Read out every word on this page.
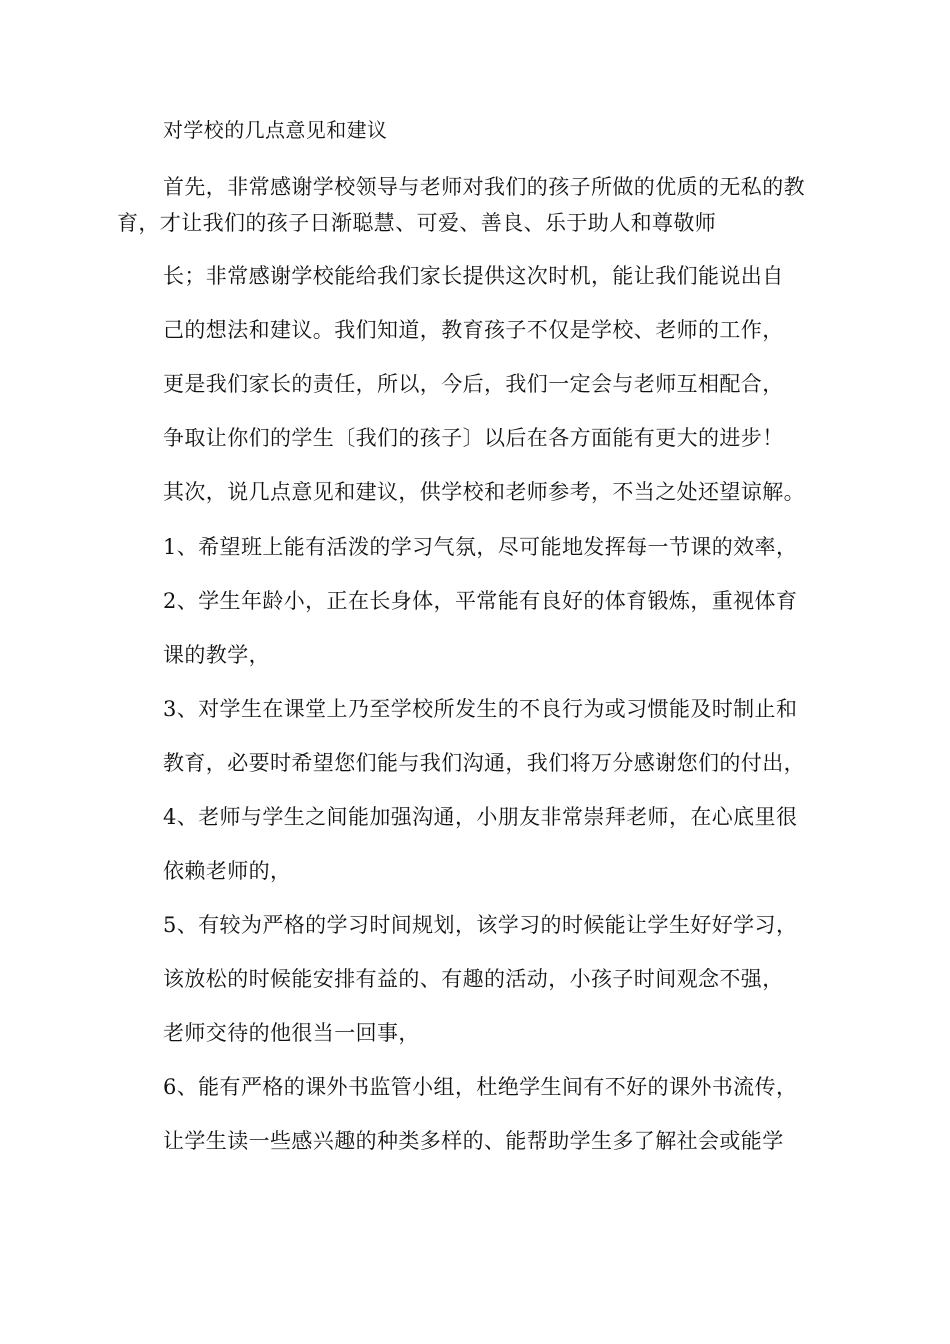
对学校的几点意见和建议
首先，非常感谢学校领导与老师对我们的孩子所做的优质的无私的教
育，才让我们的孩子日渐聪慧、可爱、善良、乐于助人和尊敬师
长；非常感谢学校能给我们家长提供这次时机，能让我们能说出自
己的想法和建议。我们知道，教育孩子不仅是学校、老师的工作，
更是我们家长的责任，所以，今后，我们一定会与老师互相配合，
争取让你们的学生〔我们的孩子〕以后在各方面能有更大的进步！
其次，说几点意见和建议，供学校和老师参考，不当之处还望谅解。
1、希望班上能有活泼的学习气氛，尽可能地发挥每一节课的效率，
2、学生年龄小，正在长身体，平常能有良好的体育锻炼，重视体育
课的教学，
3、对学生在课堂上乃至学校所发生的不良行为或习惯能及时制止和
教育，必要时希望您们能与我们沟通，我们将万分感谢您们的付出，
4、老师与学生之间能加强沟通，小朋友非常崇拜老师，在心底里很
依赖老师的，
5、有较为严格的学习时间规划，该学习的时候能让学生好好学习，
该放松的时候能安排有益的、有趣的活动，小孩子时间观念不强，
老师交待的他很当一回事，
6、能有严格的课外书监管小组，杜绝学生间有不好的课外书流传，
让学生读一些感兴趣的种类多样的、能帮助学生多了解社会或能学
